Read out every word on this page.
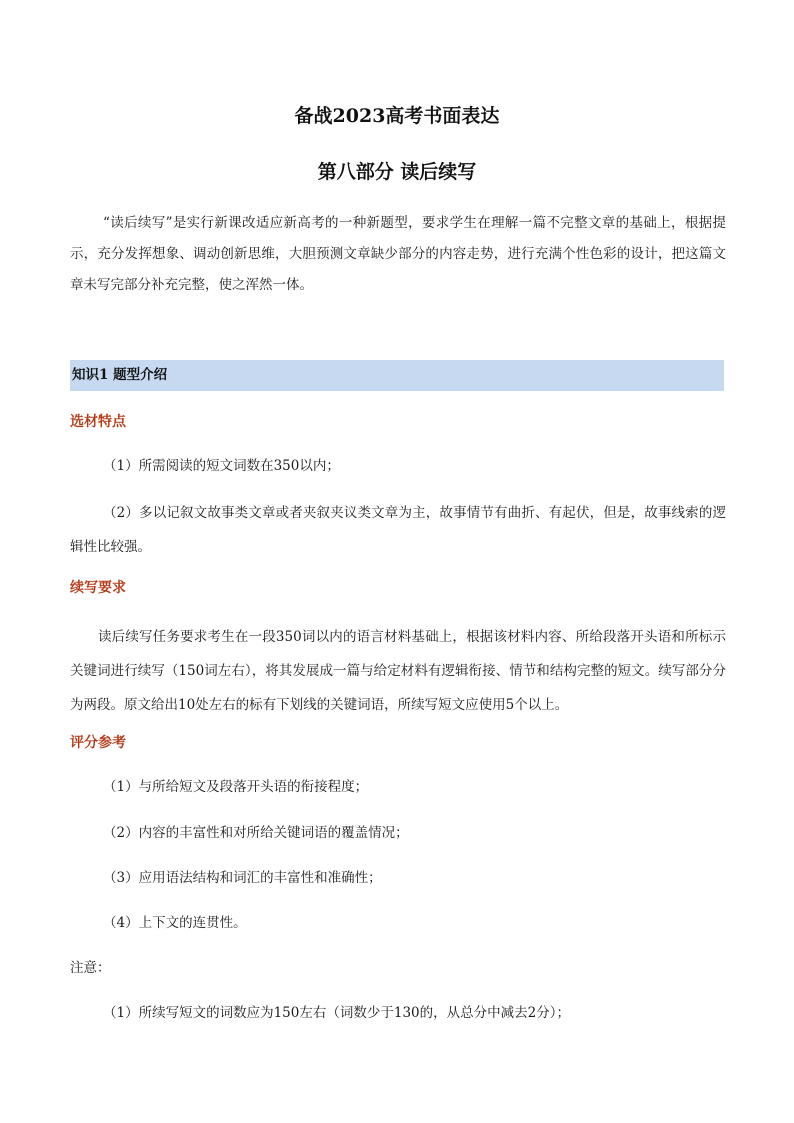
备战2023高考书面表达
第八部分 读后续写
“读后续写”是实行新课改适应新高考的一种新题型，要求学生在理解一篇不完整文章的基础上，根据提示，充分发挥想象、调动创新思维，大胆预测文章缺少部分的内容走势，进行充满个性色彩的设计，把这篇文章未写完部分补充完整，使之浑然一体。
知识1 题型介绍
选材特点
（1）所需阅读的短文词数在350以内；
（2）多以记叙文故事类文章或者夹叙夹议类文章为主，故事情节有曲折、有起伏，但是，故事线索的逻辑性比较强。
续写要求
读后续写任务要求考生在一段350词以内的语言材料基础上，根据该材料内容、所给段落开头语和所标示关键词进行续写（150词左右），将其发展成一篇与给定材料有逻辑衔接、情节和结构完整的短文。续写部分分为两段。原文给出10处左右的标有下划线的关键词语，所续写短文应使用5个以上。
评分参考
（1）与所给短文及段落开头语的衔接程度；
（2）内容的丰富性和对所给关键词语的覆盖情况；
（3）应用语法结构和词汇的丰富性和准确性；
（4）上下文的连贯性。
注意：
（1）所续写短文的词数应为150左右（词数少于130的，从总分中减去2分）；
